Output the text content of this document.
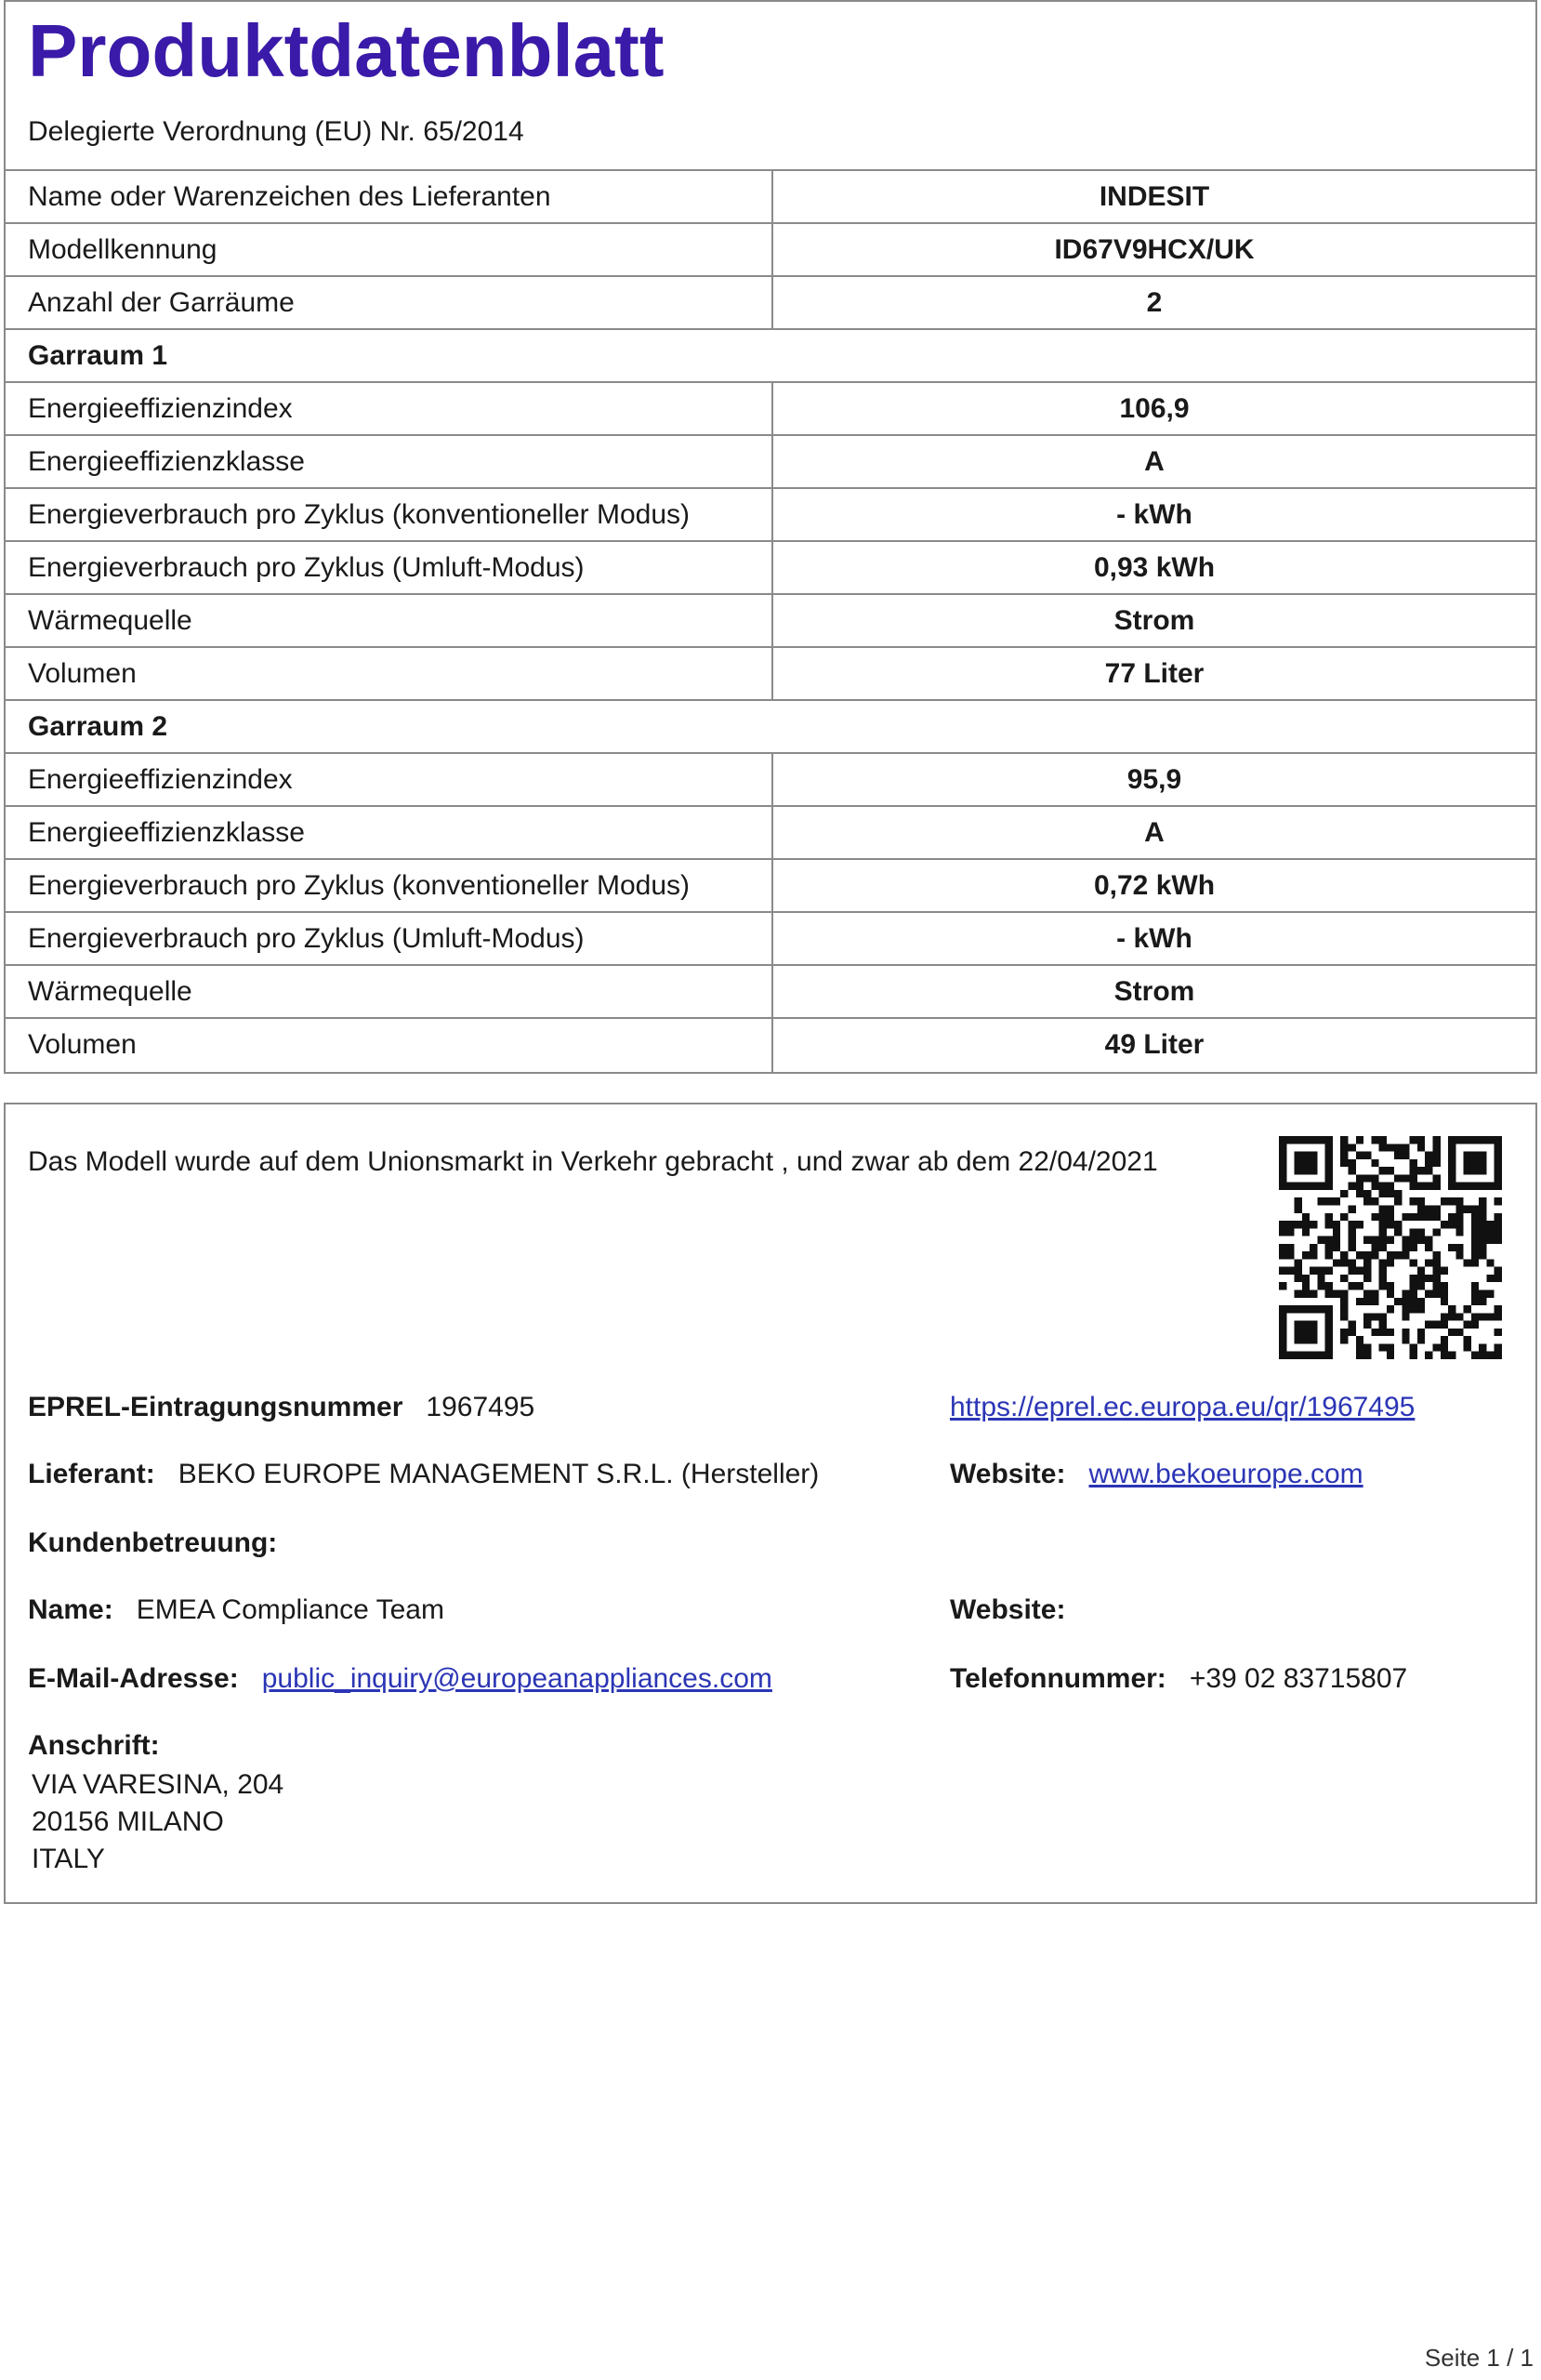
Produktdatenblatt
Delegierte Verordnung (EU) Nr. 65/2014
Name oder Warenzeichen des Lieferanten	INDESIT
Modellkennung	ID67V9HCX/UK
Anzahl der Garräume	2
Garraum 1
Energieeffizienzindex	106,9
Energieeffizienzklasse	A
Energieverbrauch pro Zyklus (konventioneller Modus)	- kWh
Energieverbrauch pro Zyklus (Umluft-Modus)	0,93 kWh
Wärmequelle	Strom
Volumen	77 Liter
Garraum 2
Energieeffizienzindex	95,9
Energieeffizienzklasse	A
Energieverbrauch pro Zyklus (konventioneller Modus)	0,72 kWh
Energieverbrauch pro Zyklus (Umluft-Modus)	- kWh
Wärmequelle	Strom
Volumen	49 Liter
Das Modell wurde auf dem Unionsmarkt in Verkehr gebracht , und zwar ab dem 22/04/2021
EPREL-Eintragungsnummer 1967495	https://eprel.ec.europa.eu/qr/1967495
Lieferant: BEKO EUROPE MANAGEMENT S.R.L. (Hersteller)	Website: www.bekoeurope.com
Kundenbetreuung:
Name: EMEA Compliance Team	Website:
E-Mail-Adresse: public_inquiry@europeanappliances.com	Telefonnummer: +39 02 83715807
Anschrift:
VIA VARESINA, 204
20156 MILANO
ITALY
Seite 1 / 1
